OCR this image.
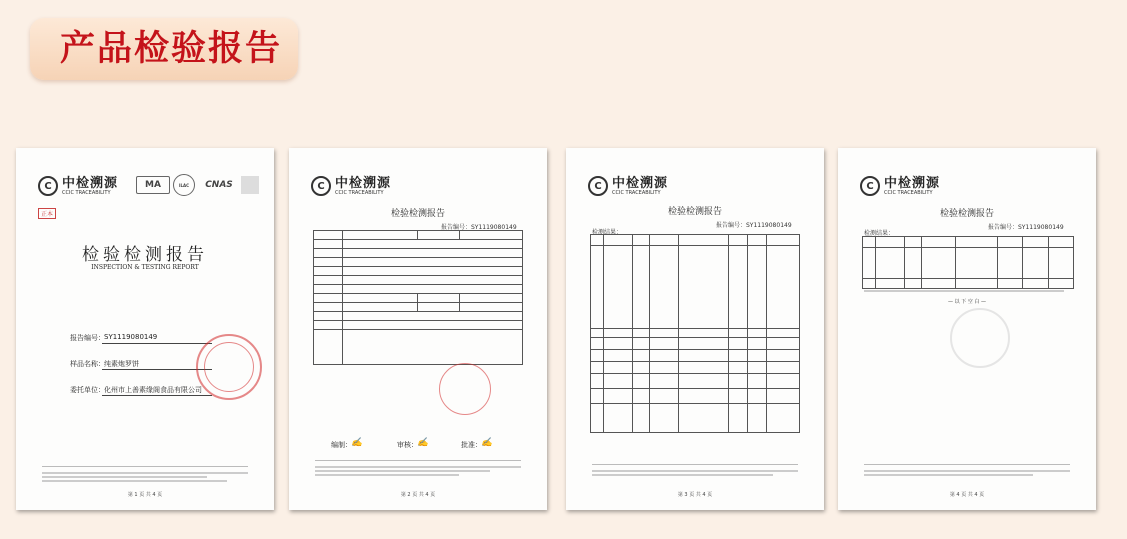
产品检验报告
C 中检溯源
CCIC TRACEABILITY
MA	ILAC	CNAS
正本
检验检测报告
INSPECTION & TESTING REPORT
报告编号： SY1119080149
样品名称： 纯素炮罗饼
委托单位： 化州市上善素缘阁食品有限公司
第 1 页 共 4 页
C 中检溯源
CCIC TRACEABILITY
检验检测报告
报告编号：SY1119080149

编制： ✍	审核： ✍	批准： ✍
第 2 页 共 4 页
C 中检溯源
CCIC TRACEABILITY
检验检测报告
报告编号：SY1119080149
检测结果：

第 3 页 共 4 页
C 中检溯源
CCIC TRACEABILITY
检验检测报告
报告编号：SY1119080149
检测结果：

— 以 下 空 白 —
第 4 页 共 4 页
